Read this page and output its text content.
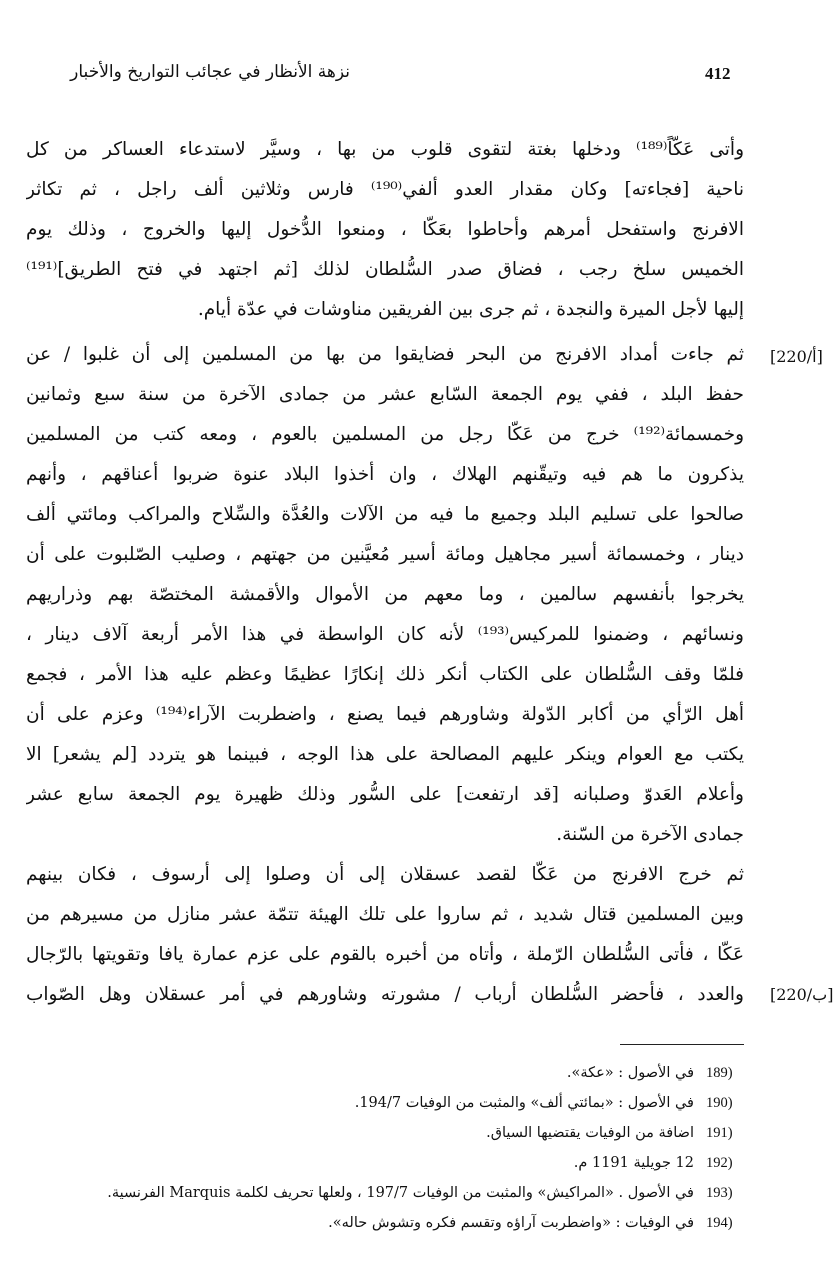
412
نزهة الأنظار في عجائب التواريخ والأخبار
وأتى عَكّاً⁽¹⁸⁹⁾ ودخلها بغتة لتقوى قلوب من بها ، وسيَّر لاستدعاء العساكر من كل
ناحية [فجاءته] وكان مقدار العدو ألفي⁽¹⁹⁰⁾ فارس وثلاثين ألف راجل ، ثم تكاثر
الافرنج واستفحل أمرهم وأحاطوا بعَكّا ، ومنعوا الدُّخول إليها والخروج ، وذلك يوم
الخميس سلخ رجب ، فضاق صدر السُّلطان لذلك [ثم اجتهد في فتح الطريق]⁽¹⁹¹⁾
إليها لأجل الميرة والنجدة ، ثم جرى بين الفريقين مناوشات في عدّة أيام.
ثم جاءت أمداد الافرنج من البحر فضايقوا من بها من المسلمين إلى أن غلبوا / عن
حفظ البلد ، ففي يوم الجمعة السّابع عشر من جمادى الآخرة من سنة سبع وثمانين
وخمسمائة⁽¹⁹²⁾ خرج من عَكّا رجل من المسلمين بالعوم ، ومعه كتب من المسلمين
يذكرون ما هم فيه وتيقّنهم الهلاك ، وان أخذوا البلاد عنوة ضربوا أعناقهم ، وأنهم
صالحوا على تسليم البلد وجميع ما فيه من الآلات والعُدَّة والسِّلاح والمراكب ومائتي ألف
دينار ، وخمسمائة أسير مجاهيل ومائة أسير مُعيَّنين من جهتهم ، وصليب الصّلبوت على أن
يخرجوا بأنفسهم سالمين ، وما معهم من الأموال والأقمشة المختصّة بهم وذراريهم
ونسائهم ، وضمنوا للمركيس⁽¹⁹³⁾ لأنه كان الواسطة في هذا الأمر أربعة آلاف دينار ،
فلمّا وقف السُّلطان على الكتاب أنكر ذلك إنكارًا عظيمًا وعظم عليه هذا الأمر ، فجمع
أهل الرّأي من أكابر الدّولة وشاورهم فيما يصنع ، واضطربت الآراء⁽¹⁹⁴⁾ وعزم على أن
يكتب مع العوام وينكر عليهم المصالحة على هذا الوجه ، فبينما هو يتردد [لم يشعر] الا
وأعلام العَدوّ وصلبانه [قد ارتفعت] على السُّور وذلك ظهيرة يوم الجمعة سابع عشر
جمادى الآخرة من السّنة.
ثم خرج الافرنج من عَكّا لقصد عسقلان إلى أن وصلوا إلى أرسوف ، فكان بينهم
وبين المسلمين قتال شديد ، ثم ساروا على تلك الهيئة تتمّة عشر منازل من مسيرهم من
عَكّا ، فأتى السُّلطان الرّملة ، وأتاه من أخبره بالقوم على عزم عمارة يافا وتقويتها بالرّجال
والعدد ، فأحضر السُّلطان أرباب / مشورته وشاورهم في أمر عسقلان وهل الصّواب
[220/أ]
[220/ب]
189)في الأصول : «عكة».
190)في الأصول : «بمائتي ألف» والمثبت من الوفيات 194/7.
191)اضافة من الوفيات يقتضيها السياق.
192)12 جويلية 1191 م.
193)في الأصول . «المراكيش» والمثبت من الوفيات 197/7 ، ولعلها تحريف لكلمة Marquis الفرنسية.
194)في الوفيات : «واضطربت آراؤه وتقسم فكره وتشوش حاله».
